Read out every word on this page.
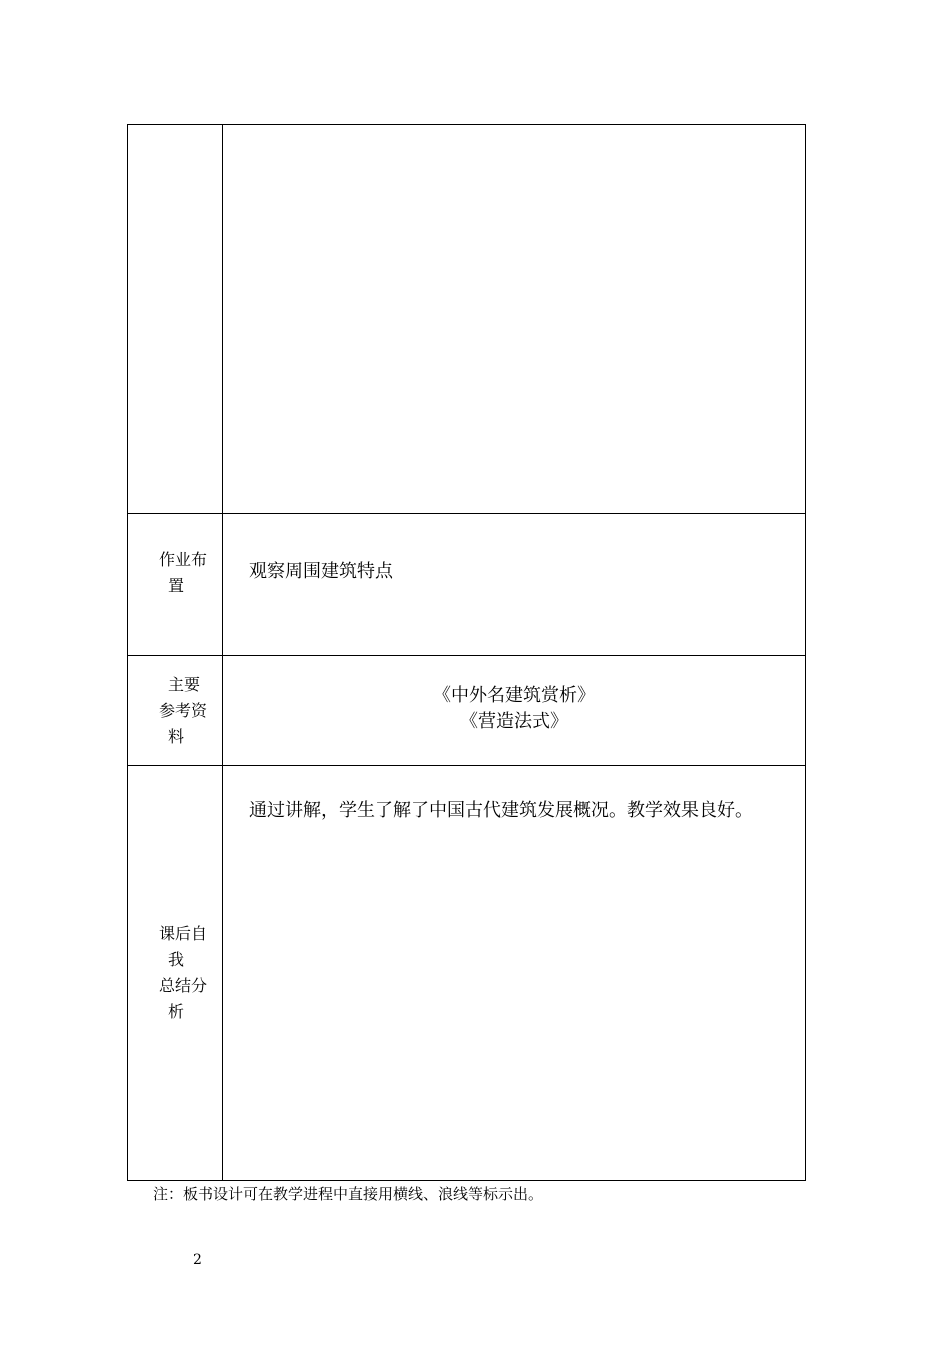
作业布
置
观察周围建筑特点
主要
参考资
料
《中外名建筑赏析》
《营造法式》
课后自
我
总结分
析
通过讲解，学生了解了中国古代建筑发展概况。教学效果良好。
注：板书设计可在教学进程中直接用横线、浪线等标示出。
2
